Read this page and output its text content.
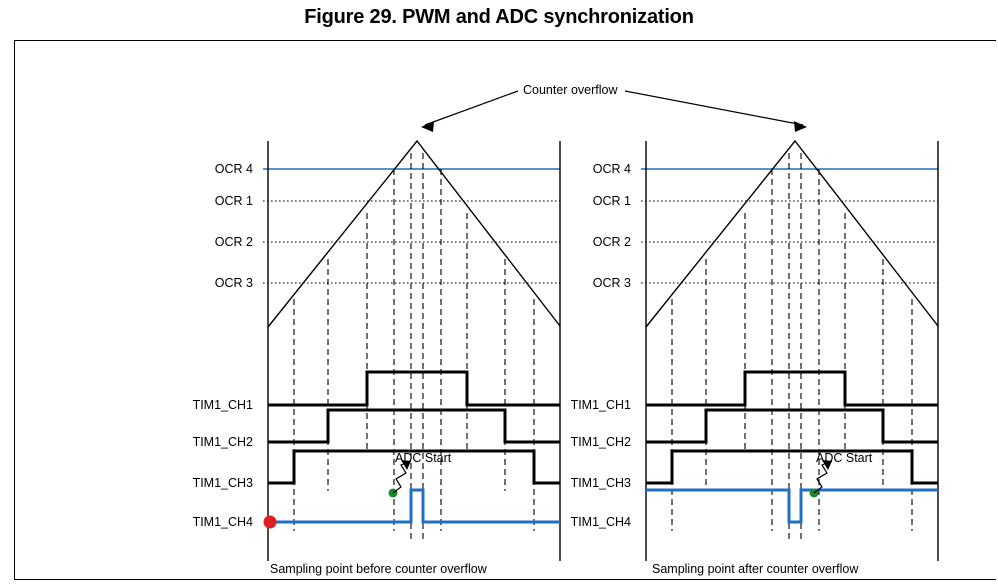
Figure 29. PWM and ADC synchronization
OCR 4
OCR 1
OCR 2
OCR 3
TIM1_CH1
TIM1_CH2
TIM1_CH3
TIM1_CH4
ADC Start
Sampling point before counter overflow
OCR 4
OCR 1
OCR 2
OCR 3
TIM1_CH1
TIM1_CH2
TIM1_CH3
TIM1_CH4
ADC Start
Sampling point after counter overflow
Counter overflow
